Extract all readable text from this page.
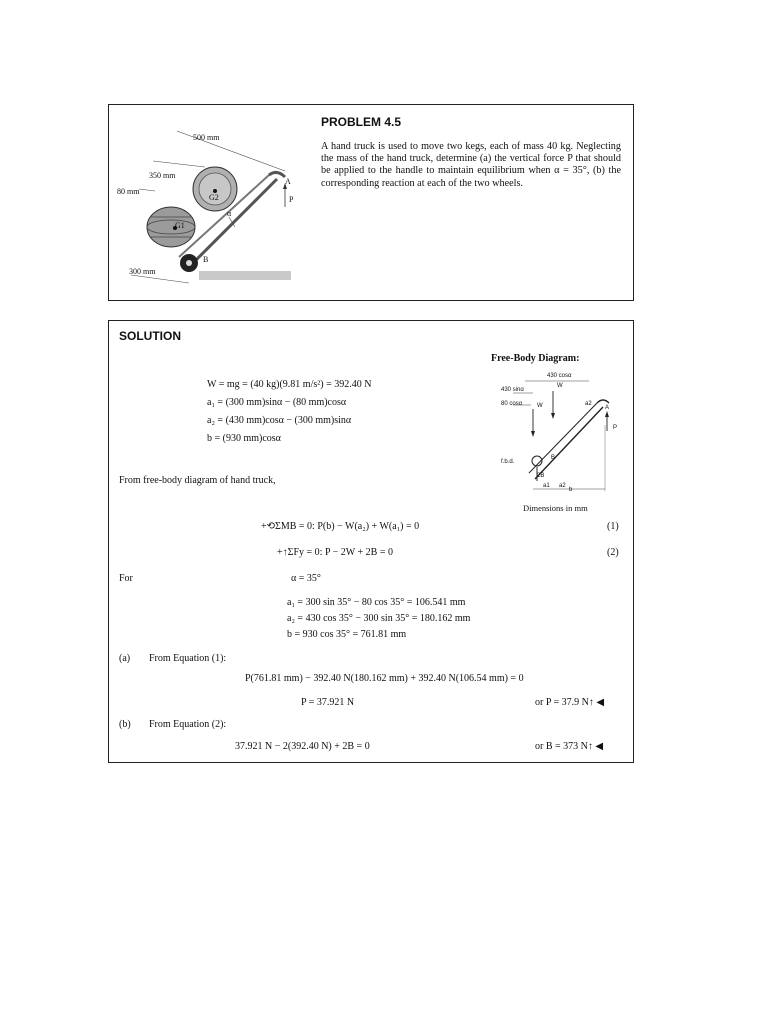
500 mm
350 mm
80 mm
300 mm
A
B
G1
G2	P
α
PROBLEM 4.5
A hand truck is used to move two kegs, each of mass 40 kg. Neglecting the mass of the hand truck, determine (a) the vertical force P that should be applied to the handle to maintain equilibrium when α = 35°, (b) the corresponding reaction at each of the two wheels.
SOLUTION
Free-Body Diagram:
430 cosα
430 sinα
80 cosα
W
W
P
A
B
f.b.d.
2B
a1 a2
a2
b
Dimensions in mm
W = mg = (40 kg)(9.81 m/s²) = 392.40 N
a₁ = (300 mm)sinα − (80 mm)cosα
a₂ = (430 mm)cosα − (300 mm)sinα
b = (930 mm)cosα
From free-body diagram of hand truck,
+⟲ΣMB = 0: P(b) − W(a₂) + W(a₁) = 0	(1)
+↑ΣFy = 0: P − 2W + 2B = 0	(2)
For	α = 35°
a₁ = 300 sin 35° − 80 cos 35° = 106.541 mm
a₂ = 430 cos 35° − 300 sin 35° = 180.162 mm
b = 930 cos 35° = 761.81 mm
(a) From Equation (1):
P(761.81 mm) − 392.40 N(180.162 mm) + 392.40 N(106.54 mm) = 0
P = 37.921 N	or P = 37.9 N↑ ◀
(b) From Equation (2):
37.921 N − 2(392.40 N) + 2B = 0	or B = 373 N↑ ◀
